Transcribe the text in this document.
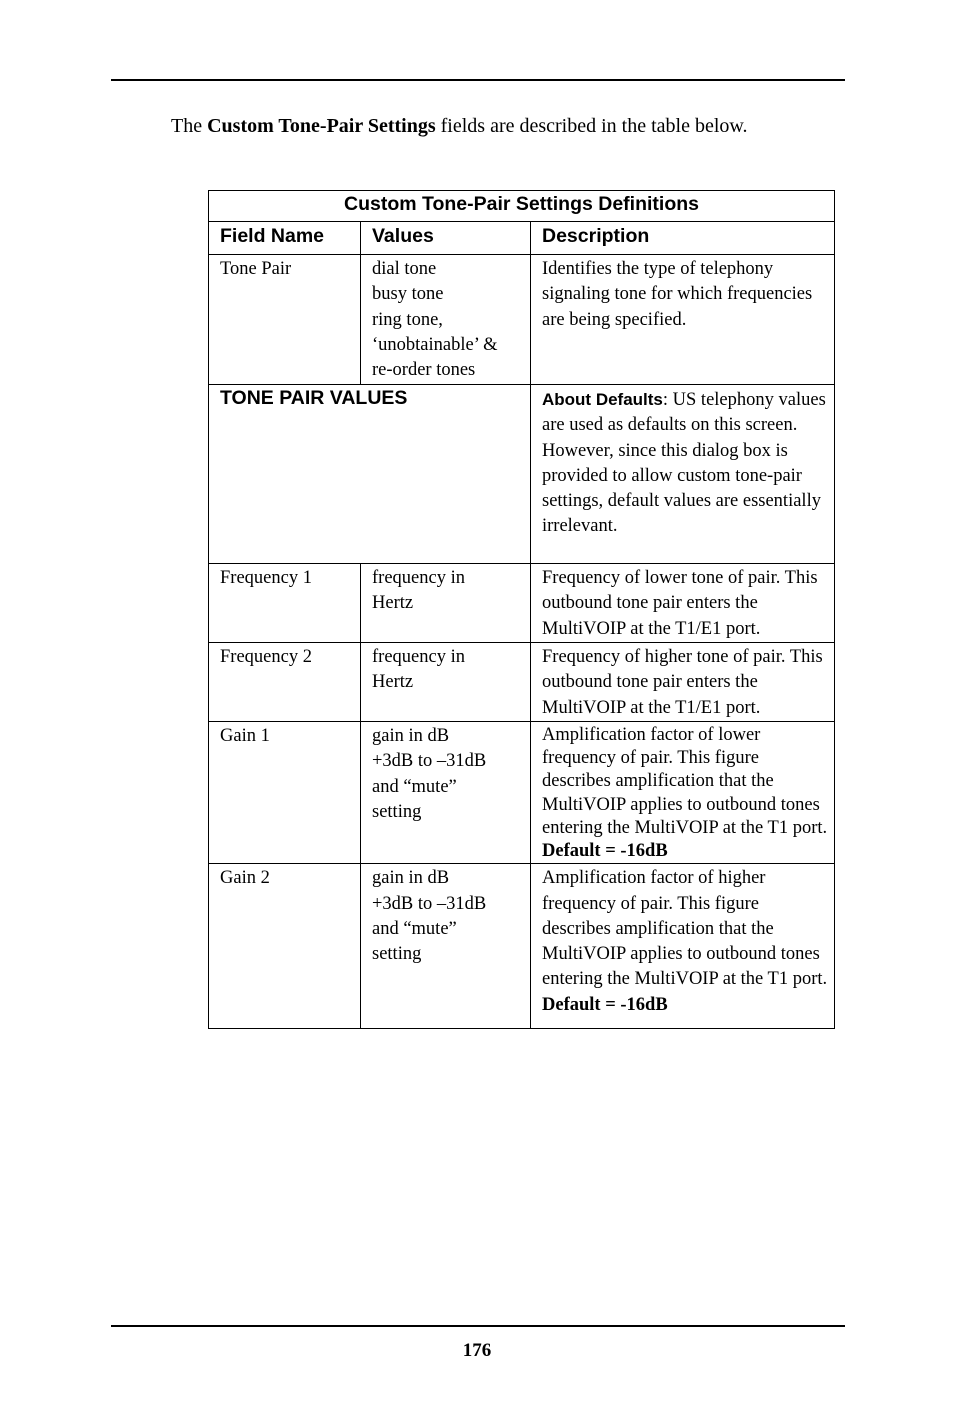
The Custom Tone-Pair Settings fields are described in the table below.
Custom Tone-Pair Settings Definitions		
Field Name	Values	Description
Tone Pair	dial tone
busy tone
ring tone,
‘unobtainable’ &
re-order tones	Identifies the type of telephony signaling tone for which frequencies are being specified.
TONE PAIR VALUES		About Defaults: US telephony values are used as defaults on this screen. However, since this dialog box is provided to allow custom tone-pair settings, default values are essentially irrelevant.
Frequency 1	frequency in
Hertz	Frequency of lower tone of pair. This outbound tone pair enters the MultiVOIP at the T1/E1 port.
Frequency 2	frequency in
Hertz	Frequency of higher tone of pair. This outbound tone pair enters the MultiVOIP at the T1/E1 port.
Gain 1	gain in dB
+3dB to –31dB
and “mute”
setting	Amplification factor of lower frequency of pair. This figure describes amplification that the MultiVOIP applies to outbound tones entering the MultiVOIP at the T1 port. Default = -16dB
Gain 2	gain in dB
+3dB to –31dB
and “mute”
setting	Amplification factor of higher frequency of pair. This figure describes amplification that the MultiVOIP applies to outbound tones entering the MultiVOIP at the T1 port. Default = -16dB
176
